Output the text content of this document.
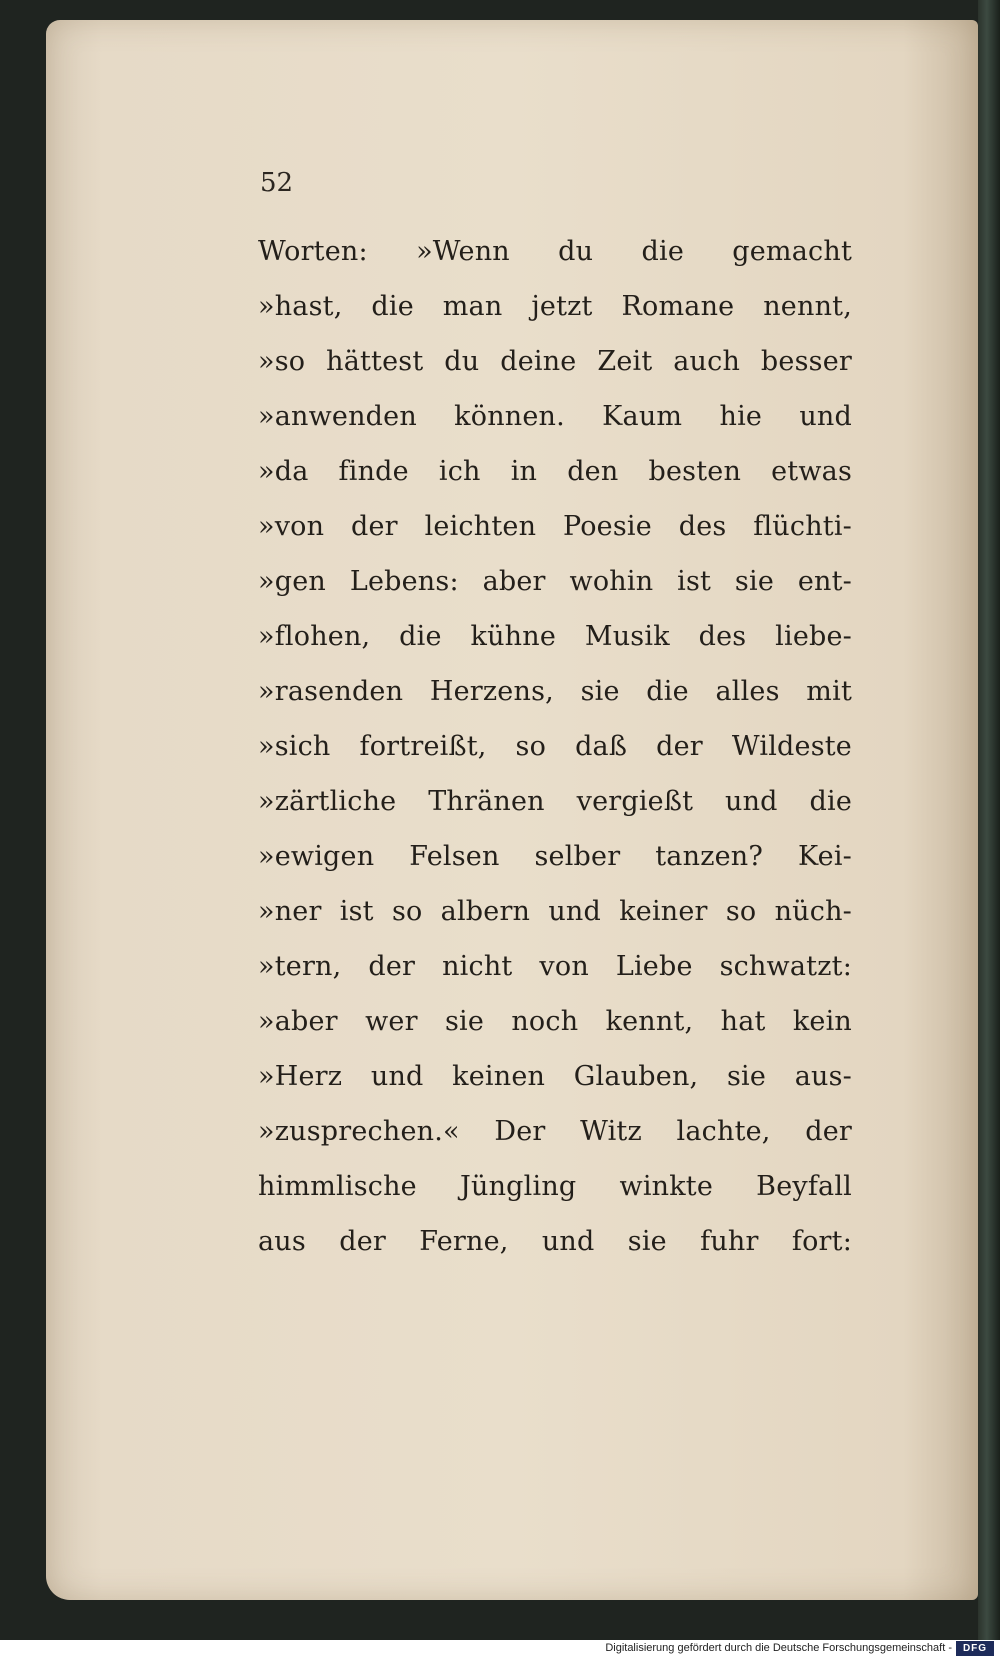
52

Worten: »Wenn du die gemacht
»hast, die man jetzt Romane nennt,
»so hättest du deine Zeit auch besser
»anwenden können. Kaum hie und
»da finde ich in den besten etwas
»von der leichten Poesie des flüchti-
»gen Lebens: aber wohin ist sie ent-
»flohen, die kühne Musik des liebe-
»rasenden Herzens, sie die alles mit
»sich fortreißt, so daß der Wildeste
»zärtliche Thränen vergießt und die
»ewigen Felsen selber tanzen? Kei-
»ner ist so albern und keiner so nüch-
»tern, der nicht von Liebe schwatzt:
»aber wer sie noch kennt, hat kein
»Herz und keinen Glauben, sie aus-
»zusprechen.« Der Witz lachte, der
himmlische Jüngling winkte Beyfall
aus der Ferne, und sie fuhr fort:
Digitalisierung gefördert durch die Deutsche Forschungsgemeinschaft -	DFG
